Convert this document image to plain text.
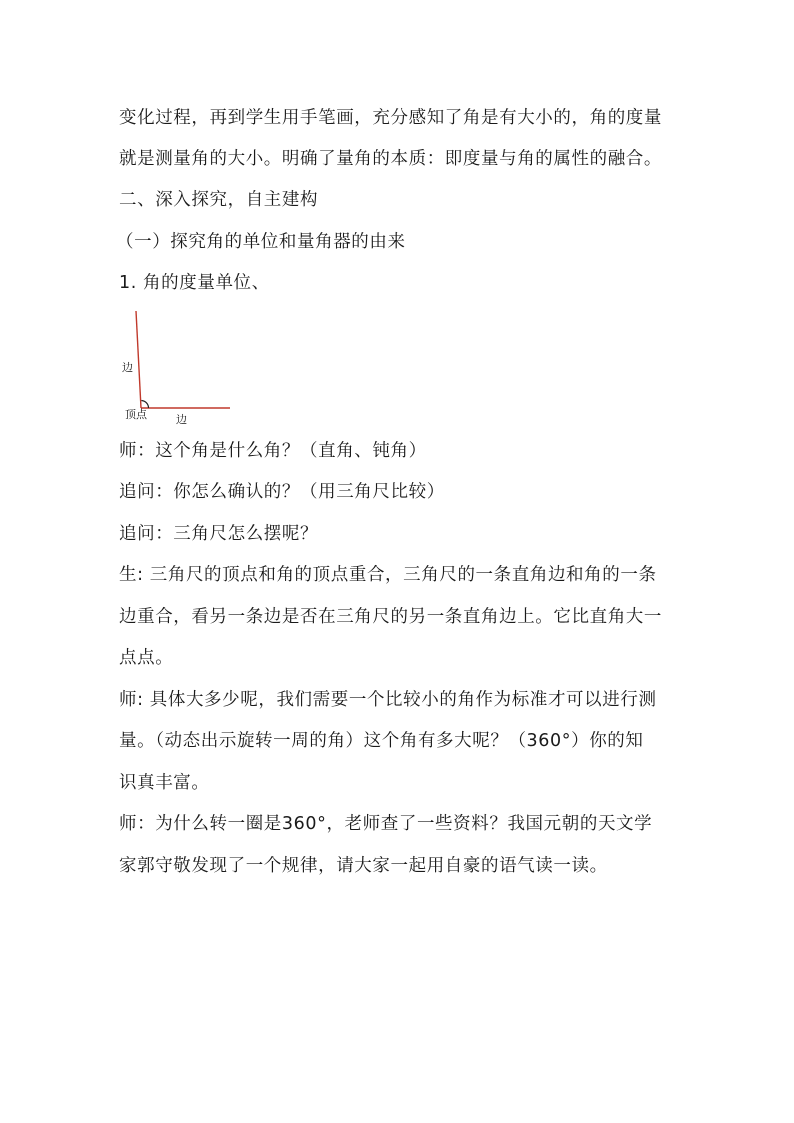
变化过程，再到学生用手笔画，充分感知了角是有大小的，角的度量
就是测量角的大小。明确了量角的本质：即度量与角的属性的融合。
二、深入探究，自主建构
（一）探究角的单位和量角器的由来
1. 角的度量单位、
边
顶点	边
师：这个角是什么角？（直角、钝角）
追问：你怎么确认的？（用三角尺比较）
追问：三角尺怎么摆呢？
生: 三角尺的顶点和角的顶点重合，三角尺的一条直角边和角的一条
边重合，看另一条边是否在三角尺的另一条直角边上。它比直角大一
点点。
师: 具体大多少呢，我们需要一个比较小的角作为标准才可以进行测
量。（动态出示旋转一周的角）这个角有多大呢？（360°）你的知
识真丰富。
师：为什么转一圈是360°，老师查了一些资料？我国元朝的天文学
家郭守敬发现了一个规律，请大家一起用自豪的语气读一读。
